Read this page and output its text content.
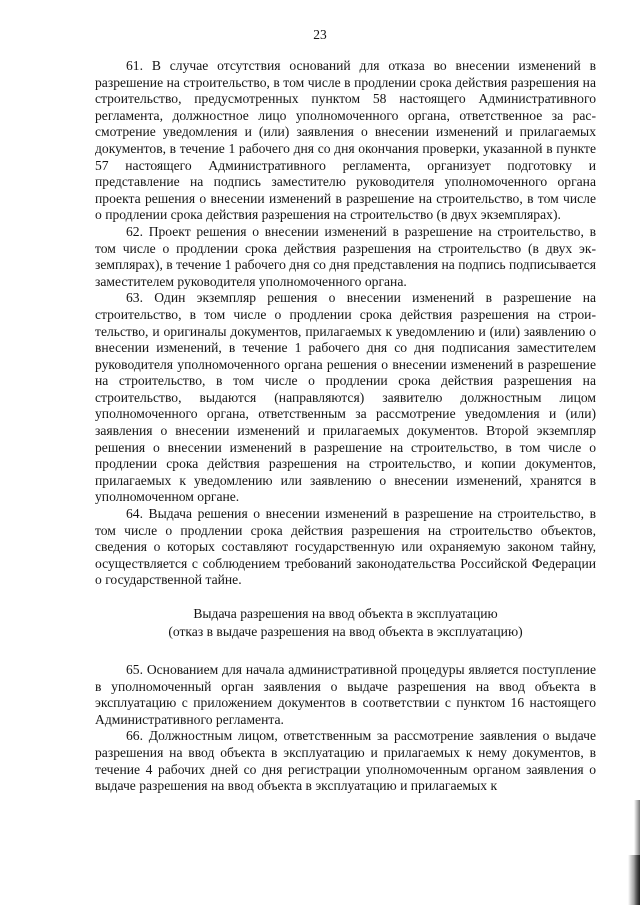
23

61. В случае отсутствия оснований для отказа во внесении изменений в разрешение на строительство, в том числе в продлении срока действия разрешения на строительство, предусмотренных пунктом 58 настоящего Административного регламента, должностное лицо уполномоченного органа, ответственное за рассмотрение уведомления и (или) заявления о внесении изменений и прилагаемых документов, в течение 1 рабочего дня со дня окончания проверки, указанной в пункте 57 настоящего Административного регламента, организует подготовку и представление на подпись заместителю руководителя уполномоченного органа проекта решения о внесении изменений в разрешение на строительство, в том числе о продлении срока действия разрешения на строительство (в двух экземплярах).

62. Проект решения о внесении изменений в разрешение на строительство, в том числе о продлении срока действия разрешения на строительство (в двух экземплярах), в течение 1 рабочего дня со дня представления на подпись подписывается заместителем руководителя уполномоченного органа.

63. Один экземпляр решения о внесении изменений в разрешение на строительство, в том числе о продлении срока действия разрешения на строительство, и оригиналы документов, прилагаемых к уведомлению и (или) заявлению о внесении изменений, в течение 1 рабочего дня со дня подписания заместителем руководителя уполномоченного органа решения о внесении изменений в разрешение на строительство, в том числе о продлении срока действия разрешения на строительство, выдаются (направляются) заявителю должностным лицом уполномоченного органа, ответственным за рассмотрение уведомления и (или) заявления о внесении изменений и прилагаемых документов. Второй экземпляр решения о внесении изменений в разрешение на строительство, в том числе о продлении срока действия разрешения на строительство, и копии документов, прилагаемых к уведомлению или заявлению о внесении изменений, хранятся в уполномоченном органе.

64. Выдача решения о внесении изменений в разрешение на строительство, в том числе о продлении срока действия разрешения на строительство объектов, сведения о которых составляют государственную или охраняемую законом тайну, осуществляется с соблюдением требований законодательства Российской Федерации о государственной тайне.

Выдача разрешения на ввод объекта в эксплуатацию
(отказ в выдаче разрешения на ввод объекта в эксплуатацию)

65. Основанием для начала административной процедуры является поступление в уполномоченный орган заявления о выдаче разрешения на ввод объекта в эксплуатацию с приложением документов в соответствии с пунктом 16 настоящего Административного регламента.

66. Должностным лицом, ответственным за рассмотрение заявления о выдаче разрешения на ввод объекта в эксплуатацию и прилагаемых к нему документов, в течение 4 рабочих дней со дня регистрации уполномоченным органом заявления о выдаче разрешения на ввод объекта в эксплуатацию и прилагаемых к
